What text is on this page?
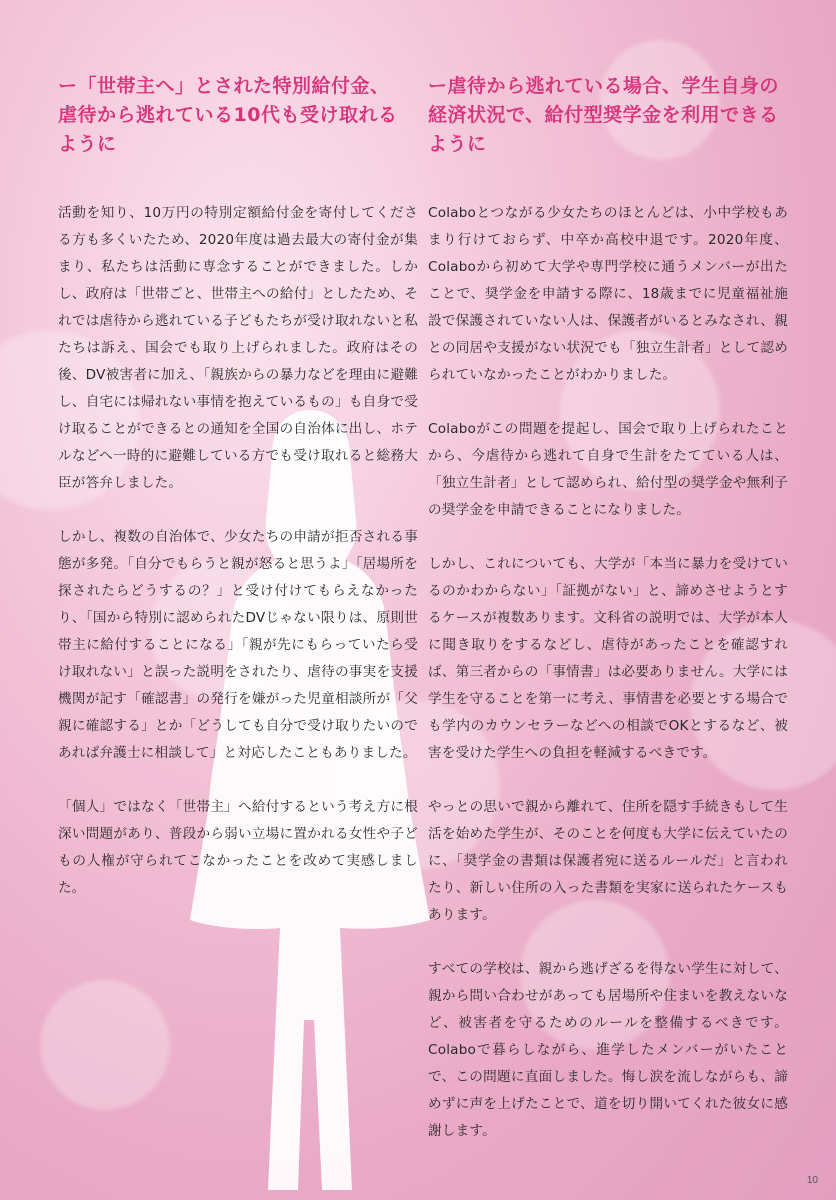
ー「世帯主へ」とされた特別給付金、
虐待から逃れている10代も受け取れる
ように

活動を知り、10万円の特別定額給付金を寄付してくださる方も多くいたため、2020年度は過去最大の寄付金が集まり、私たちは活動に専念することができました。しかし、政府は「世帯ごと、世帯主への給付」としたため、それでは虐待から逃れている子どもたちが受け取れないと私たちは訴え、国会でも取り上げられました。政府はその後、DV被害者に加え、「親族からの暴力などを理由に避難し、自宅には帰れない事情を抱えているもの」も自身で受け取ることができるとの通知を全国の自治体に出し、ホテルなどへ一時的に避難している方でも受け取れると総務大臣が答弁しました。

しかし、複数の自治体で、少女たちの申請が拒否される事態が多発。「自分でもらうと親が怒ると思うよ」「居場所を探されたらどうするの？」と受け付けてもらえなかったり、「国から特別に認められたDVじゃない限りは、原則世帯主に給付することになる」「親が先にもらっていたら受け取れない」と誤った説明をされたり、虐待の事実を支援機関が記す「確認書」の発行を嫌がった児童相談所が「父親に確認する」とか「どうしても自分で受け取りたいのであれば弁護士に相談して」と対応したこともありました。

「個人」ではなく「世帯主」へ給付するという考え方に根深い問題があり、普段から弱い立場に置かれる女性や子どもの人権が守られてこなかったことを改めて実感しました。

ー虐待から逃れている場合、学生自身の
経済状況で、給付型奨学金を利用できる
ように

Colaboとつながる少女たちのほとんどは、小中学校もあまり行けておらず、中卒か高校中退です。2020年度、Colaboから初めて大学や専門学校に通うメンバーが出たことで、奨学金を申請する際に、18歳までに児童福祉施設で保護されていない人は、保護者がいるとみなされ、親との同居や支援がない状況でも「独立生計者」として認められていなかったことがわかりました。

Colaboがこの問題を提起し、国会で取り上げられたことから、今虐待から逃れて自身で生計をたてている人は、「独立生計者」として認められ、給付型の奨学金や無利子の奨学金を申請できることになりました。

しかし、これについても、大学が「本当に暴力を受けているのかわからない」「証拠がない」と、諦めさせようとするケースが複数あります。文科省の説明では、大学が本人に聞き取りをするなどし、虐待があったことを確認すれば、第三者からの「事情書」は必要ありません。大学には学生を守ることを第一に考え、事情書を必要とする場合でも学内のカウンセラーなどへの相談でOKとするなど、被害を受けた学生への負担を軽減するべきです。

やっとの思いで親から離れて、住所を隠す手続きもして生活を始めた学生が、そのことを何度も大学に伝えていたのに、「奨学金の書類は保護者宛に送るルールだ」と言われたり、新しい住所の入った書類を実家に送られたケースもあります。

すべての学校は、親から逃げざるを得ない学生に対して、親から問い合わせがあっても居場所や住まいを教えないなど、被害者を守るためのルールを整備するべきです。Colaboで暮らしながら、進学したメンバーがいたことで、この問題に直面しました。悔し涙を流しながらも、諦めずに声を上げたことで、道を切り開いてくれた彼女に感謝します。

10
